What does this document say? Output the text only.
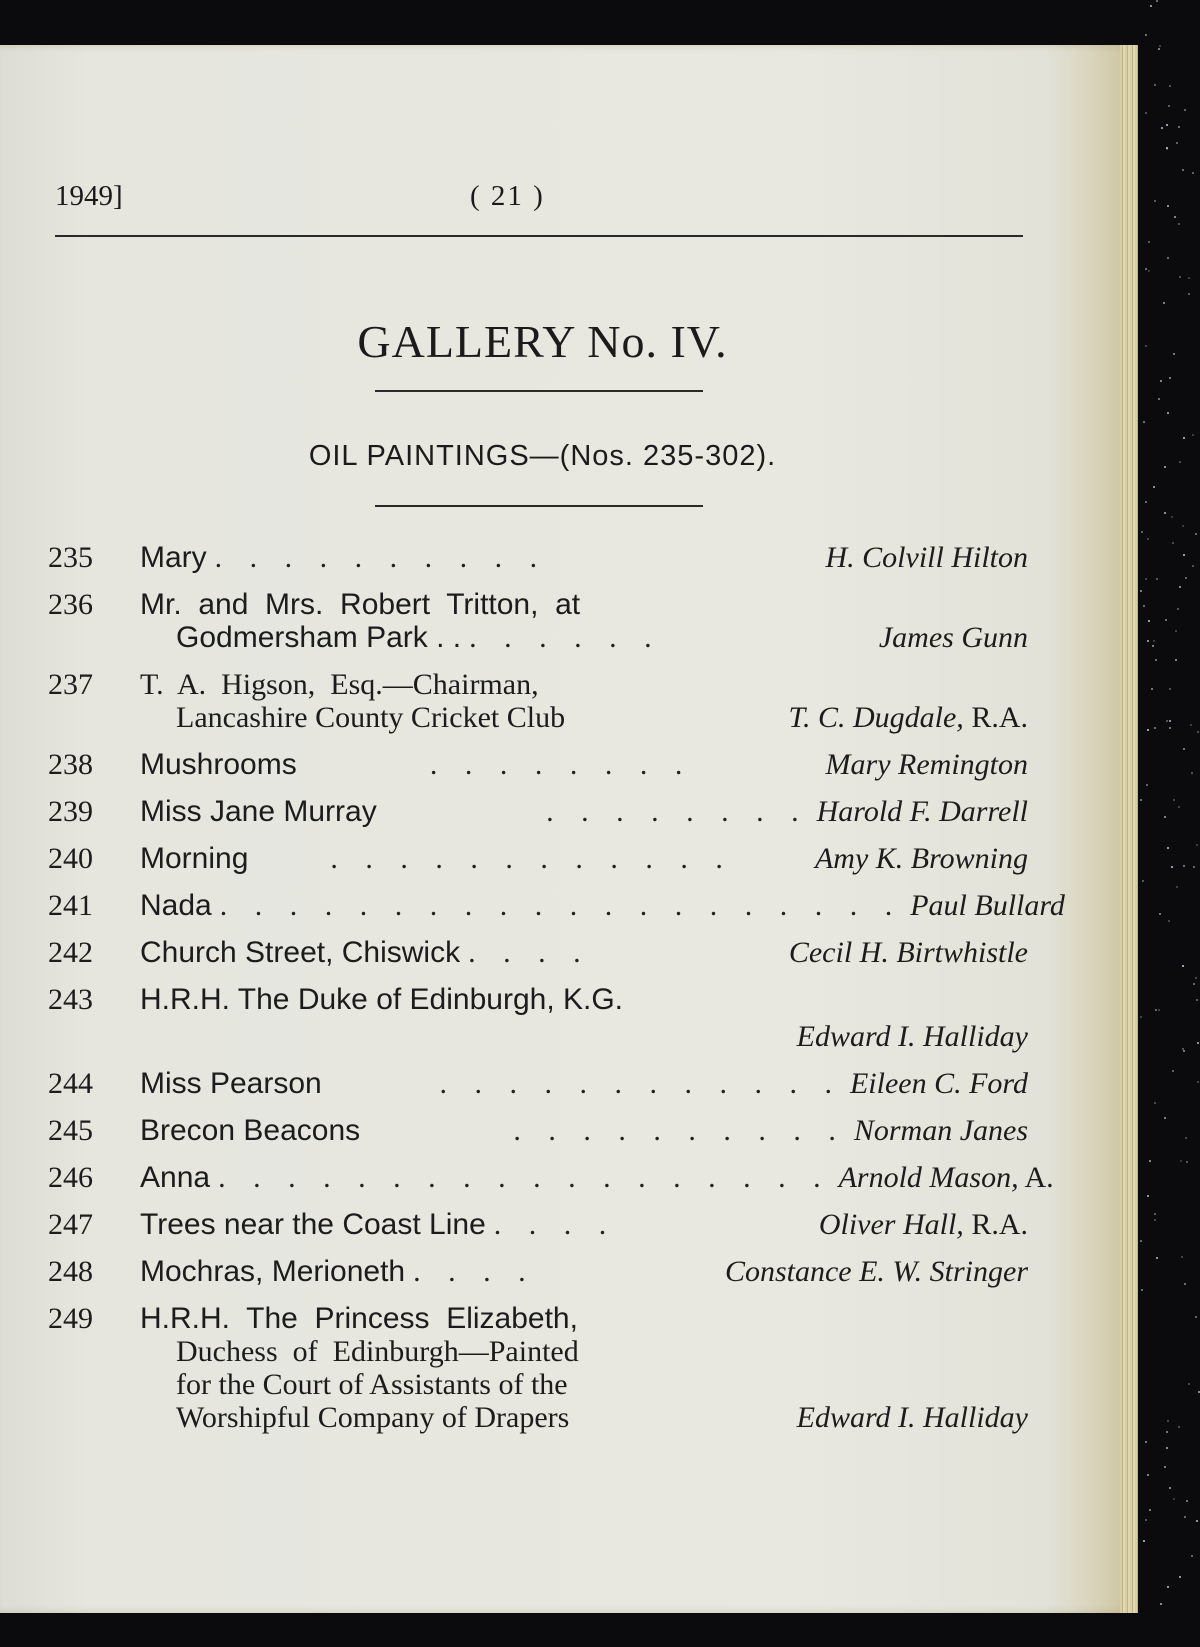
1949]	( 21 )
GALLERY No. IV.
OIL PAINTINGS—(Nos. 235-302).
235	Mary . . . . . . . . . .	H. Colvill Hilton
236	Mr.  and  Mrs.  Robert  Tritton,  at
Godmersham Park . . . . . . . .	James Gunn
237	T.  A.  Higson,  Esq.—Chairman,
Lancashire County Cricket Club	T. C. Dugdale, R.A.
238	Mushrooms	. . . . . . . .	Mary Remington
239	Miss Jane Murray	. . . . . . . . Harold F. Darrell
240	Morning	. . . . . . . . . . . .	Amy K. Browning
241	Nada . . . . . . . . . . . . . . . . . . . . Paul Bullard
242	Church Street, Chiswick . . . .	Cecil H. Birtwhistle
243	H.R.H. The Duke of Edinburgh, K.G.
Edward I. Halliday
244	Miss Pearson	. . . . . . . . . . . . Eileen C. Ford
245	Brecon Beacons	. . . . . . . . . . Norman Janes
246	Anna . . . . . . . . . . . . . . . . . . Arnold Mason, A.
247	Trees near the Coast Line . . . .	Oliver Hall, R.A.
248	Mochras, Merioneth . . . .	Constance E. W. Stringer
249	H.R.H.  The  Princess  Elizabeth,
Duchess  of  Edinburgh—Painted
for the Court of Assistants of the
Worshipful Company of Drapers	Edward I. Halliday
